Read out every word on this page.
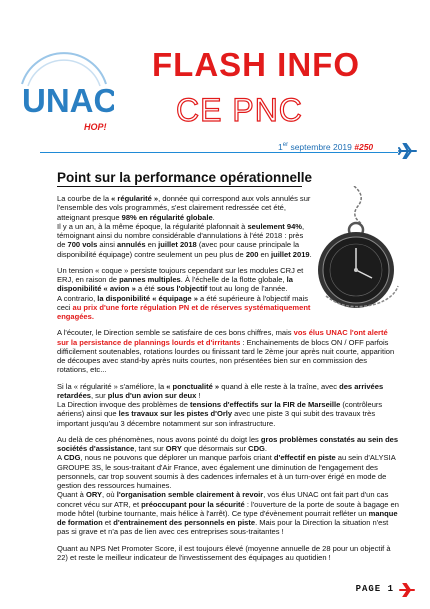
UNAC
HOP!
FLASH INFO
CE PNC
1er septembre 2019 #250
Point sur la performance opérationnelle

La courbe de la « régularité », donnée qui correspond aux vols annulés sur l'ensemble des vols programmés, s'est clairement redressée cet été, atteignant presque 98% en régularité globale.
Il y a un an, à la même époque, la régularité plafonnait à seulement 94%, témoignant ainsi du nombre considérable d'annulations à l'été 2018 : près de 700 vols ainsi annulés en juillet 2018 (avec pour cause principale la disponibilité équipage) contre seulement un peu plus de 200 en juillet 2019.

Un tension « coque » persiste toujours cependant sur les modules CRJ et ERJ, en raison de pannes multiples. À l'échelle de la flotte globale, la disponibilité « avion » a été sous l'objectif tout au long de l'année.
A contrario, la disponibilité « équipage » a été supérieure à l'objectif mais ceci au prix d'une forte régulation PN et de réserves systématiquement engagées.

A l'écouter, le Direction semble se satisfaire de ces bons chiffres, mais vos élus UNAC l'ont alerté sur la persistance de plannings lourds et d'irritants : Enchainements de blocs ON / OFF parfois difficilement soutenables, rotations lourdes ou finissant tard le 2ème jour après nuit courte, apparition de découpes avec stand-by après nuits courtes, non présentées bien sur en commission des rotations, etc...

Si la « régularité » s'améliore, la « ponctualité » quand à elle reste à la traîne, avec des arrivées retardées, sur plus d'un avion sur deux !
La Direction invoque des problèmes de tensions d'effectifs sur la FIR de Marseille (contrôleurs aériens) ainsi que les travaux sur les pistes d'Orly avec une piste 3 qui subit des travaux très important jusqu'au 3 décembre notamment sur son infrastructure.

Au delà de ces phénomènes, nous avons pointé du doigt les gros problèmes constatés au sein des sociétés d'assistance, tant sur ORY que désormais sur CDG.
A CDG, nous ne pouvons que déplorer un manque parfois criant d'effectif en piste au sein d'ALYSIA GROUPE 3S, le sous-traitant d'Air France, avec également une diminution de l'engagement des personnels, car trop souvent soumis à des cadences infernales et à un turn-over érigé en mode de gestion des ressources humaines.
Quant à ORY, où l'organisation semble clairement à revoir, vos élus UNAC ont fait part d'un cas concret vécu sur ATR, et préoccupant pour la sécurité : l'ouverture de la porte de soute à bagage en mode hôtel (turbine tournante, mais hélice à l'arrêt). Ce type d'évènement pourrait refléter un manque de formation et d'entrainement des personnels en piste. Mais pour la Direction la situation n'est pas si grave et n'a pas de lien avec ces entreprises sous-traitantes !

Quant au NPS Net Promoter Score, il est toujours élevé (moyenne annuelle de 28 pour un objectif à 22) et reste le meilleur indicateur de l'investissement des équipages au quotidien !

PAGE 1
